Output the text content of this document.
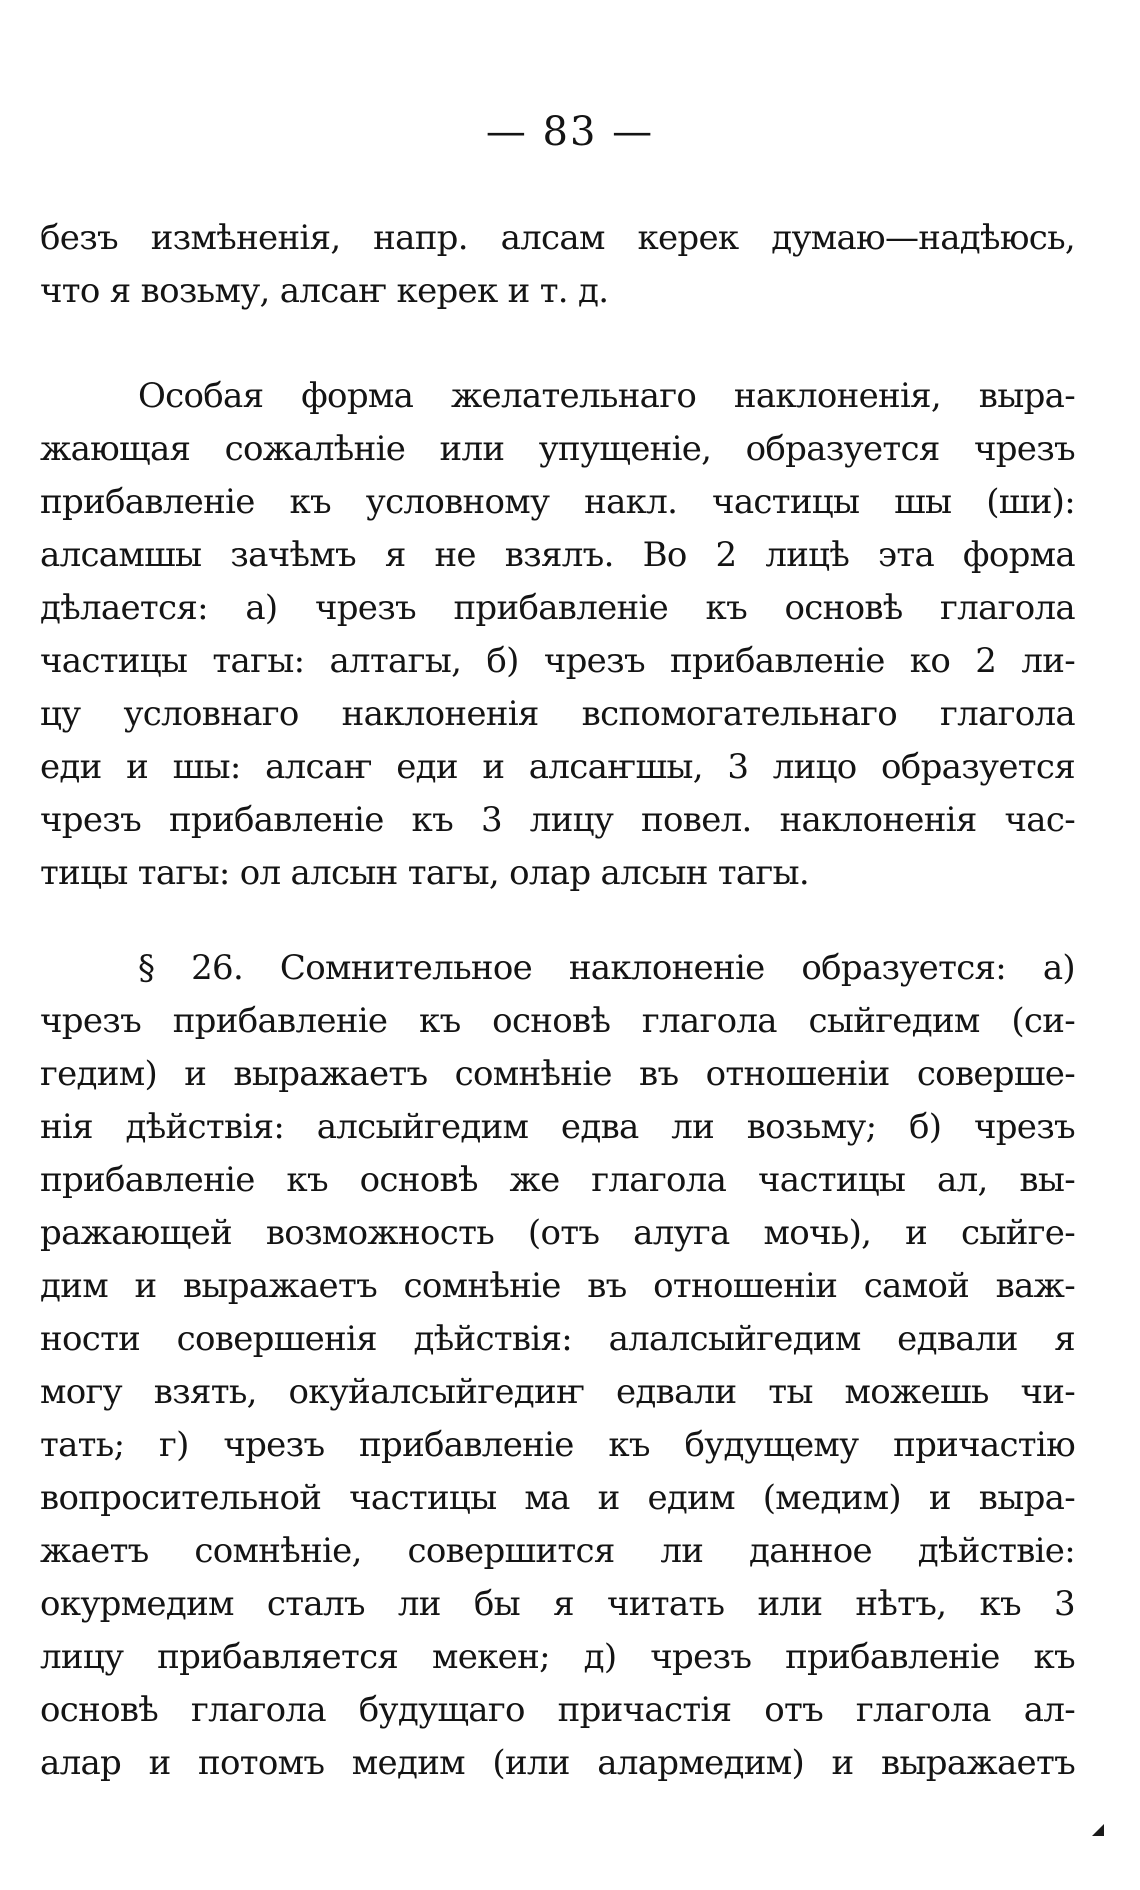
— 83 —

безъ измѣненія, напр. алсам керек думаю—надѣюсь,
что я возьму, алсаҥ керек и т. д.

Особая форма желательнаго наклоненія, выра-
жающая сожалѣніе или упущеніе, образуется чрезъ
прибавленіе къ условному накл. частицы шы (ши):
алсамшы зачѣмъ я не взялъ. Во 2 лицѣ эта форма
дѣлается: а) чрезъ прибавленіе къ основѣ глагола
частицы тагы: алтагы, б) чрезъ прибавленіе ко 2 ли-
цу условнаго наклоненія вспомогательнаго глагола
еди и шы: алсаҥ еди и алсаҥшы, 3 лицо образуется
чрезъ прибавленіе къ 3 лицу повел. наклоненія час-
тицы тагы: ол алсын тагы, олар алсын тагы.

§ 26. Сомнительное наклоненіе образуется: а)
чрезъ прибавленіе къ основѣ глагола сыйгедим (си-
гедим) и выражаетъ сомнѣніе въ отношеніи соверше-
нія дѣйствія: алсыйгедим едва ли возьму; б) чрезъ
прибавленіе къ основѣ же глагола частицы ал, вы-
ражающей возможность (отъ алуга мочь), и сыйге-
дим и выражаетъ сомнѣніе въ отношеніи самой важ-
ности совершенія дѣйствія: алалсыйгедим едвали я
могу взять, окуйалсыйгедиҥ едвали ты можешь чи-
тать; г) чрезъ прибавленіе къ будущему причастію
вопросительной частицы ма и едим (медим) и выра-
жаетъ сомнѣніе, совершится ли данное дѣйствіе:
окурмедим сталъ ли бы я читать или нѣтъ, къ 3
лицу прибавляется мекен; д) чрезъ прибавленіе къ
основѣ глагола будущаго причастія отъ глагола ал-
алар и потомъ медим (или алармедим) и выражаетъ
